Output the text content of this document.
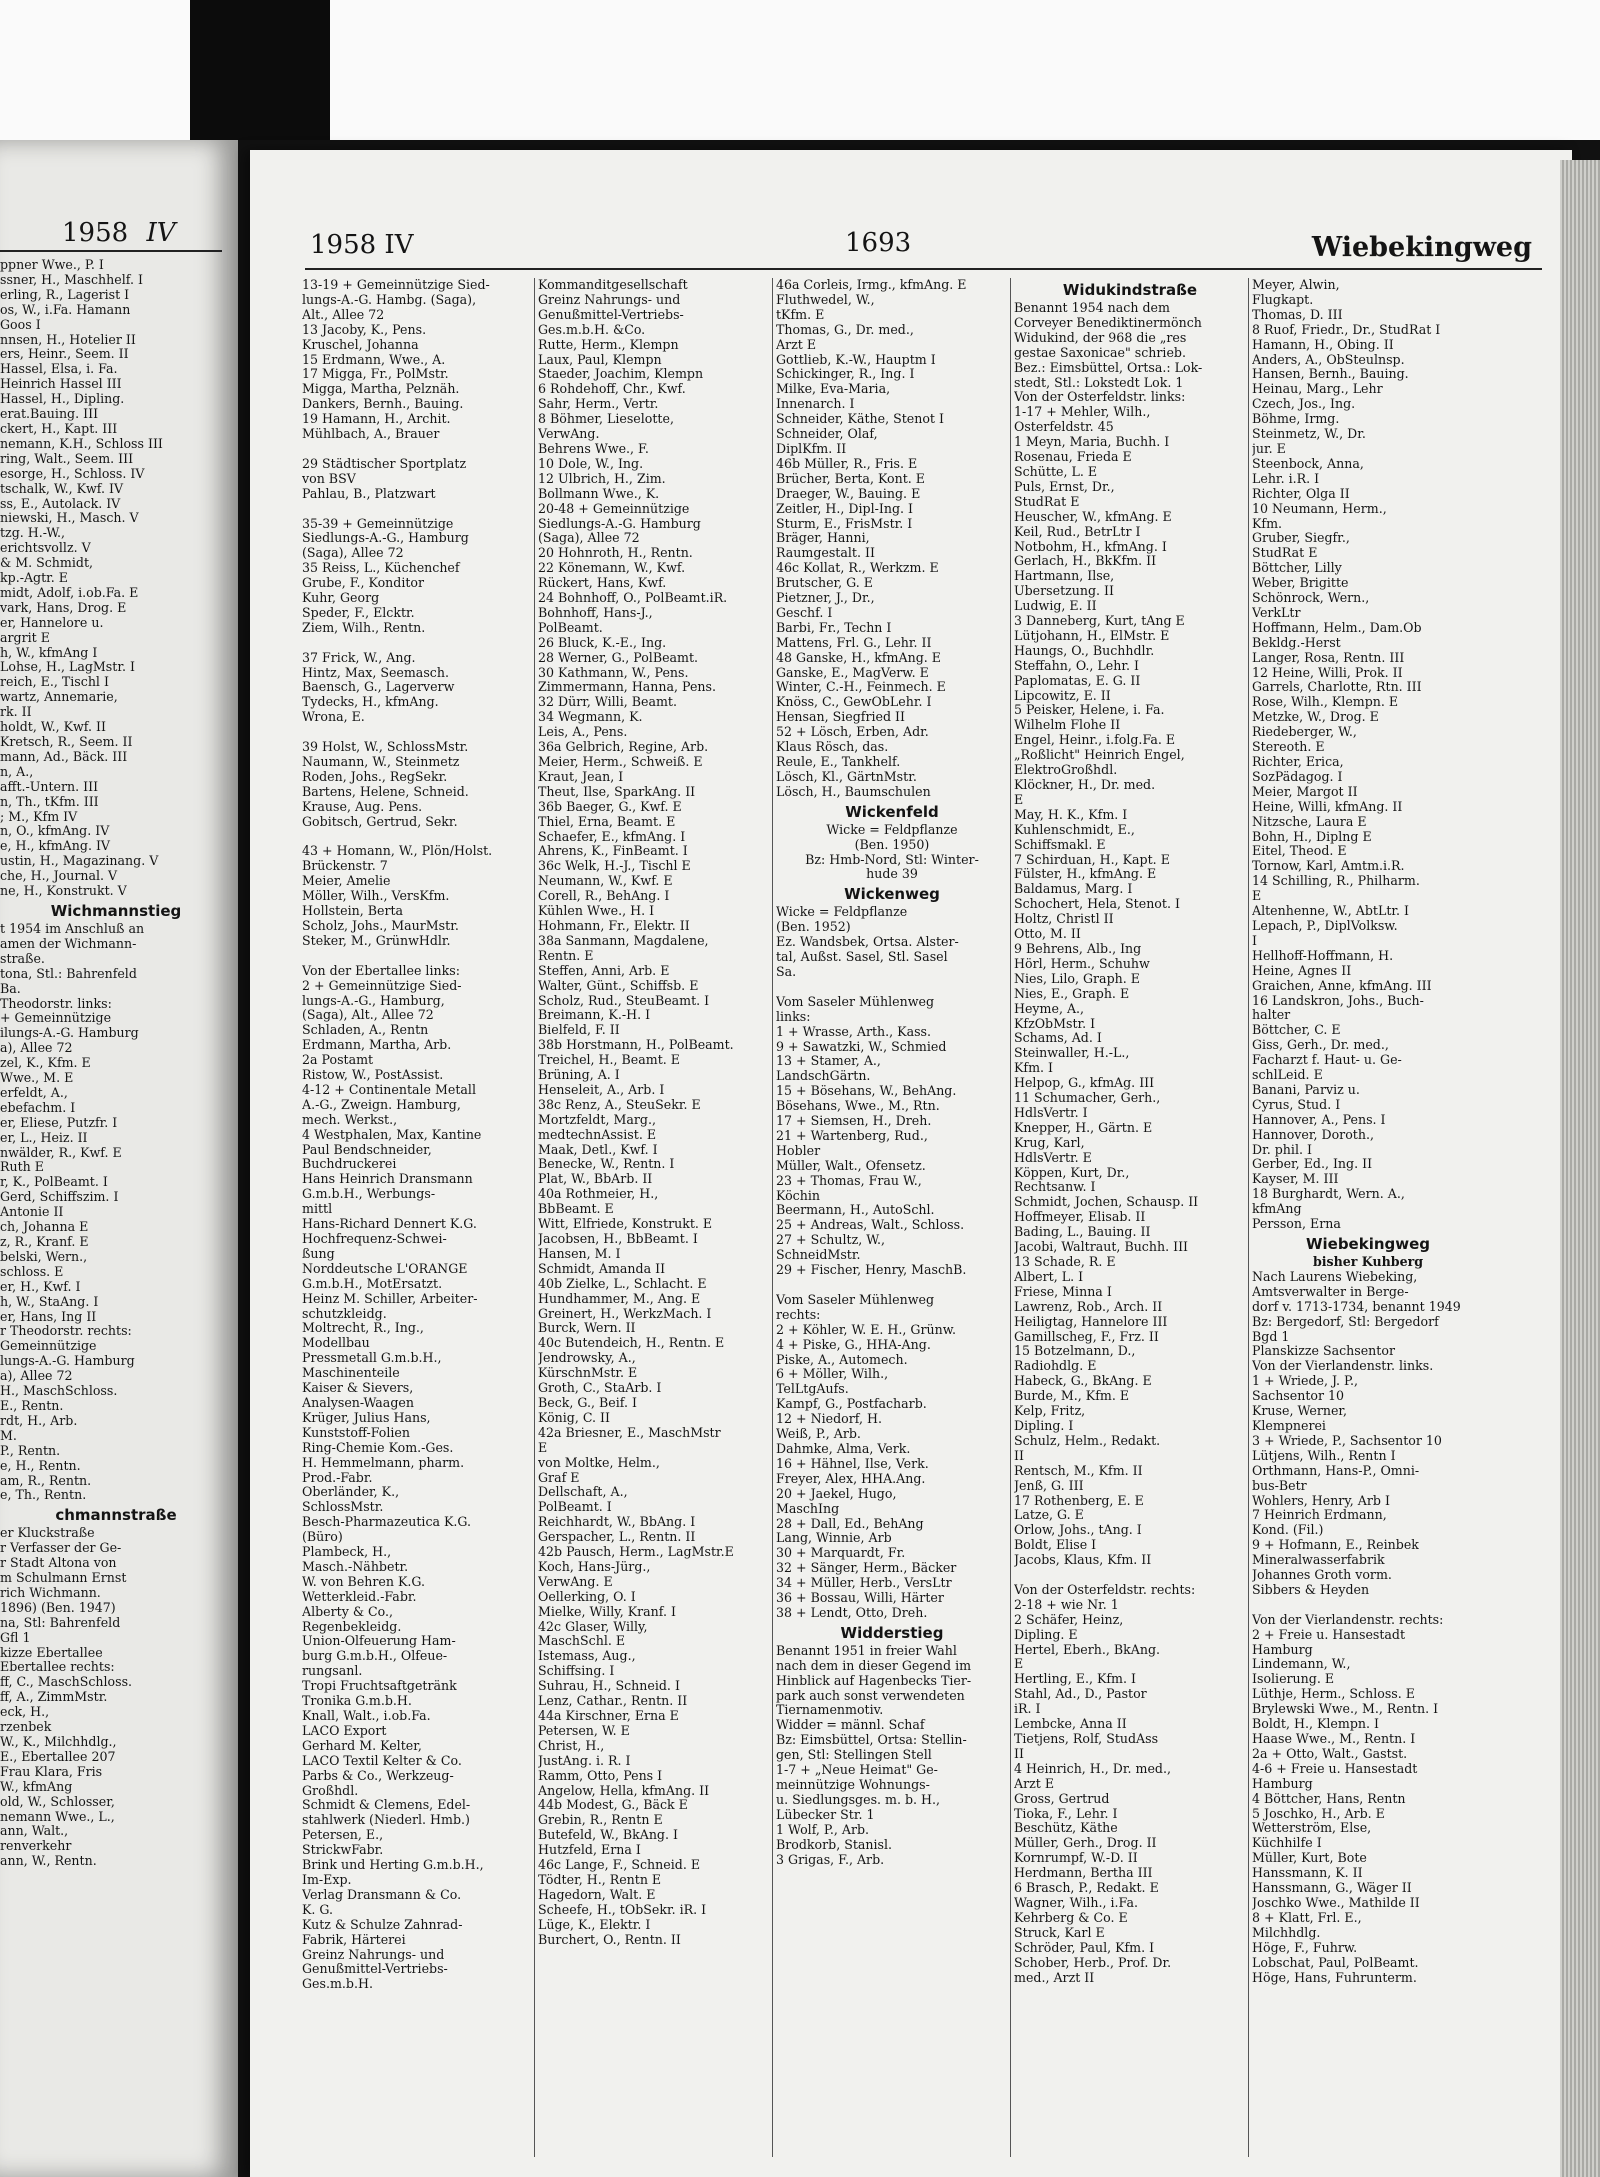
1958 IV
ppner Wwe., P. I
ssner, H., Maschhelf. I
erling, R., Lagerist I
os, W., i.Fa. Hamann
Goos I
nnsen, H., Hotelier II
ers, Heinr., Seem. II
Hassel, Elsa, i. Fa.
Heinrich Hassel III
Hassel, H., Dipling.
erat.Bauing. III
ckert, H., Kapt. III
nemann, K.H., Schloss III
ring, Walt., Seem. III
esorge, H., Schloss. IV
tschalk, W., Kwf. IV
ss, E., Autolack. IV
niewski, H., Masch. V
tzg. H.-W.,
erichtsvollz. V
& M. Schmidt,
kp.-Agtr. E
midt, Adolf, i.ob.Fa. E
vark, Hans, Drog. E
er, Hannelore u.
argrit E
h, W., kfmAng I
Lohse, H., LagMstr. I
reich, E., Tischl I
wartz, Annemarie,
rk. II
holdt, W., Kwf. II
Kretsch, R., Seem. II
mann, Ad., Bäck. III
n, A.,
afft.-Untern. III
n, Th., tKfm. III
; M., Kfm IV
n, O., kfmAng. IV
e, H., kfmAng. IV
ustin, H., Magazinang. V
che, H., Journal. V
ne, H., Konstrukt. V
Wichmannstieg
t 1954 im Anschluß an
amen der Wichmann-
straße.
tona, Stl.: Bahrenfeld
Ba.
Theodorstr. links:
+ Gemeinnützige
ilungs-A.-G. Hamburg
a), Allee 72
zel, K., Kfm. E
Wwe., M. E
erfeldt, A.,
ebefachm. I
er, Eliese, Putzfr. I
er, L., Heiz. II
nwälder, R., Kwf. E
Ruth E
r, K., PolBeamt. I
Gerd, Schiffszim. I
Antonie II
ch, Johanna E
z, R., Kranf. E
belski, Wern.,
schloss. E
er, H., Kwf. I
h, W., StaAng. I
er, Hans, Ing II
r Theodorstr. rechts:
Gemeinnützige
lungs-A.-G. Hamburg
a), Allee 72
H., MaschSchloss.
E., Rentn.
rdt, H., Arb.
M.
P., Rentn.
e, H., Rentn.
am, R., Rentn.
e, Th., Rentn.
chmannstraße
er Kluckstraße
r Verfasser der Ge-
r Stadt Altona von
m Schulmann Ernst
rich Wichmann.
1896) (Ben. 1947)
na, Stl: Bahrenfeld
Gfl 1
kizze Ebertallee
Ebertallee rechts:
ff, C., MaschSchloss.
ff, A., ZimmMstr.
eck, H.,
rzenbek
W., K., Milchhdlg.,
E., Ebertallee 207
Frau Klara, Fris
W., kfmAng
old, W., Schlosser,
nemann Wwe., L.,
ann, Walt.,
renverkehr
ann, W., Rentn.
1958 IV	1693	Wiebekingweg
13-19 + Gemeinnützige Sied-
lungs-A.-G. Hambg. (Saga),
Alt., Allee 72
13 Jacoby, K., Pens.
Kruschel, Johanna
15 Erdmann, Wwe., A.
17 Migga, Fr., PolMstr.
Migga, Martha, Pelznäh.
Dankers, Bernh., Bauing.
19 Hamann, H., Archit.
Mühlbach, A., Brauer

29 Städtischer Sportplatz
von BSV
Pahlau, B., Platzwart

35-39 + Gemeinnützige
Siedlungs-A.-G., Hamburg
(Saga), Allee 72
35 Reiss, L., Küchenchef
Grube, F., Konditor
Kuhr, Georg
Speder, F., Elcktr.
Ziem, Wilh., Rentn.

37 Frick, W., Ang.
Hintz, Max, Seemasch.
Baensch, G., Lagerverw
Tydecks, H., kfmAng.
Wrona, E.

39 Holst, W., SchlossMstr.
Naumann, W., Steinmetz
Roden, Johs., RegSekr.
Bartens, Helene, Schneid.
Krause, Aug. Pens.
Gobitsch, Gertrud, Sekr.

43 + Homann, W., Plön/Holst.
Brückenstr. 7
Meier, Amelie
Möller, Wilh., VersKfm.
Hollstein, Berta
Scholz, Johs., MaurMstr.
Steker, M., GrünwHdlr.

Von der Ebertallee links:
2 + Gemeinnützige Sied-
lungs-A.-G., Hamburg,
(Saga), Alt., Allee 72
Schladen, A., Rentn
Erdmann, Martha, Arb.
2a Postamt
Ristow, W., PostAssist.
4-12 + Continentale Metall
A.-G., Zweign. Hamburg,
mech. Werkst.,
4 Westphalen, Max, Kantine
Paul Bendschneider,
Buchdruckerei
Hans Heinrich Dransmann
G.m.b.H., Werbungs-
mittl
Hans-Richard Dennert K.G.
Hochfrequenz-Schwei-
ßung
Norddeutsche L'ORANGE
G.m.b.H., MotErsatzt.
Heinz M. Schiller, Arbeiter-
schutzkleidg.
Moltrecht, R., Ing.,
Modellbau
Pressmetall G.m.b.H.,
Maschinenteile
Kaiser & Sievers,
Analysen-Waagen
Krüger, Julius Hans,
Kunststoff-Folien
Ring-Chemie Kom.-Ges.
H. Hemmelmann, pharm.
Prod.-Fabr.
Oberländer, K.,
SchlossMstr.
Besch-Pharmazeutica K.G.
(Büro)
Plambeck, H.,
Masch.-Nähbetr.
W. von Behren K.G.
Wetterkleid.-Fabr.
Alberty & Co.,
Regenbekleidg.
Union-Ölfeuerung Ham-
burg G.m.b.H., Ölfeue-
rungsanl.
Tropi Fruchtsaftgetränk
Tronika G.m.b.H.
Knall, Walt., i.ob.Fa.
LACO Export
Gerhard M. Kelter,
LACO Textil Kelter & Co.
Parbs & Co., Werkzeug-
Großhdl.
Schmidt & Clemens, Edel-
stahlwerk (Niederl. Hmb.)
Petersen, E.,
StrickwFabr.
Brink und Herting G.m.b.H.,
Im-Exp.
Verlag Dransmann & Co.
K. G.
Kutz & Schulze Zahnrad-
Fabrik, Härterei
Greinz Nahrungs- und
Genußmittel-Vertriebs-
Ges.m.b.H.
Kommanditgesellschaft
Greinz Nahrungs- und
Genußmittel-Vertriebs-
Ges.m.b.H. &Co.
Rutte, Herm., Klempn
Laux, Paul, Klempn
Staeder, Joachim, Klempn
6 Rohdehoff, Chr., Kwf.
Sahr, Herm., Vertr.
8 Böhmer, Lieselotte,
VerwAng.
Behrens Wwe., F.
10 Dole, W., Ing.
12 Ulbrich, H., Zim.
Bollmann Wwe., K.
20-48 + Gemeinnützige
Siedlungs-A.-G. Hamburg
(Saga), Allee 72
20 Hohnroth, H., Rentn.
22 Könemann, W., Kwf.
Rückert, Hans, Kwf.
24 Bohnhoff, O., PolBeamt.iR.
Bohnhoff, Hans-J.,
PolBeamt.
26 Bluck, K.-E., Ing.
28 Werner, G., PolBeamt.
30 Kathmann, W., Pens.
Zimmermann, Hanna, Pens.
32 Dürr, Willi, Beamt.
34 Wegmann, K.
Leis, A., Pens.
36a Gelbrich, Regine, Arb.
Meier, Herm., Schweiß. E
Kraut, Jean, I
Theut, Ilse, SparkAng. II
36b Baeger, G., Kwf. E
Thiel, Erna, Beamt. E
Schaefer, E., kfmAng. I
Ahrens, K., FinBeamt. I
36c Welk, H.-J., Tischl E
Neumann, W., Kwf. E
Corell, R., BehAng. I
Kühlen Wwe., H. I
Hohmann, Fr., Elektr. II
38a Sanmann, Magdalene,
Rentn. E
Steffen, Anni, Arb. E
Walter, Günt., Schiffsb. E
Scholz, Rud., SteuBeamt. I
Breimann, K.-H. I
Bielfeld, F. II
38b Horstmann, H., PolBeamt.
Treichel, H., Beamt. E
Brüning, A. I
Henseleit, A., Arb. I
38c Renz, A., SteuSekr. E
Mortzfeldt, Marg.,
medtechnAssist. E
Maak, Detl., Kwf. I
Benecke, W., Rentn. I
Plat, W., BbArb. II
40a Rothmeier, H.,
BbBeamt. E
Witt, Elfriede, Konstrukt. E
Jacobsen, H., BbBeamt. I
Hansen, M. I
Schmidt, Amanda II
40b Zielke, L., Schlacht. E
Hundhammer, M., Ang. E
Greinert, H., WerkzMach. I
Burck, Wern. II
40c Butendeich, H., Rentn. E
Jendrowsky, A.,
KürschnMstr. E
Groth, C., StaArb. I
Beck, G., Beif. I
König, C. II
42a Briesner, E., MaschMstr
E
von Moltke, Helm.,
Graf E
Dellschaft, A.,
PolBeamt. I
Reichhardt, W., BbAng. I
Gerspacher, L., Rentn. II
42b Pausch, Herm., LagMstr.E
Koch, Hans-Jürg.,
VerwAng. E
Oellerking, O. I
Mielke, Willy, Kranf. I
42c Glaser, Willy,
MaschSchl. E
Istemass, Aug.,
Schiffsing. I
Suhrau, H., Schneid. I
Lenz, Cathar., Rentn. II
44a Kirschner, Erna E
Petersen, W. E
Christ, H.,
JustAng. i. R. I
Ramm, Otto, Pens I
Angelow, Hella, kfmAng. II
44b Modest, G., Bäck E
Grebin, R., Rentn E
Butefeld, W., BkAng. I
Hutzfeld, Erna I
46c Lange, F., Schneid. E
Tödter, H., Rentn E
Hagedorn, Walt. E
Scheefe, H., tObSekr. iR. I
Lüge, K., Elektr. I
Burchert, O., Rentn. II
46a Corleis, Irmg., kfmAng. E
Fluthwedel, W.,
tKfm. E
Thomas, G., Dr. med.,
Arzt E
Gottlieb, K.-W., Hauptm I
Schickinger, R., Ing. I
Milke, Eva-Maria,
Innenarch. I
Schneider, Käthe, Stenot I
Schneider, Olaf,
DiplKfm. II
46b Müller, R., Fris. E
Brücher, Berta, Kont. E
Draeger, W., Bauing. E
Zeitler, H., Dipl-Ing. I
Sturm, E., FrisMstr. I
Bräger, Hanni,
Raumgestalt. II
46c Kollat, R., Werkzm. E
Brutscher, G. E
Pietzner, J., Dr.,
Geschf. I
Barbi, Fr., Techn I
Mattens, Frl. G., Lehr. II
48 Ganske, H., kfmAng. E
Ganske, E., MagVerw. E
Winter, C.-H., Feinmech. E
Knöss, C., GewObLehr. I
Hensan, Siegfried II
52 + Lösch, Erben, Adr.
Klaus Rösch, das.
Reule, E., Tankhelf.
Lösch, Kl., GärtnMstr.
Lösch, H., Baumschulen
Wickenfeld
Wicke = Feldpflanze
(Ben. 1950)
Bz: Hmb-Nord, Stl: Winter-
hude 39
Wickenweg
Wicke = Feldpflanze
(Ben. 1952)
Ez. Wandsbek, Ortsa. Alster-
tal, Außst. Sasel, Stl. Sasel
Sa.

Vom Saseler Mühlenweg
links:
1 + Wrasse, Arth., Kass.
9 + Sawatzki, W., Schmied
13 + Stamer, A.,
LandschGärtn.
15 + Bösehans, W., BehAng.
Bösehans, Wwe., M., Rtn.
17 + Siemsen, H., Dreh.
21 + Wartenberg, Rud.,
Hobler
Müller, Walt., Ofensetz.
23 + Thomas, Frau W.,
Köchin
Beermann, H., AutoSchl.
25 + Andreas, Walt., Schloss.
27 + Schultz, W.,
SchneidMstr.
29 + Fischer, Henry, MaschB.

Vom Saseler Mühlenweg
rechts:
2 + Köhler, W. E. H., Grünw.
4 + Piske, G., HHA-Ang.
Piske, A., Automech.
6 + Möller, Wilh.,
TelLtgAufs.
Kampf, G., Postfacharb.
12 + Niedorf, H.
Weiß, P., Arb.
Dahmke, Alma, Verk.
16 + Hähnel, Ilse, Verk.
Freyer, Alex, HHA.Ang.
20 + Jaekel, Hugo,
MaschIng
28 + Dall, Ed., BehAng
Lang, Winnie, Arb
30 + Marquardt, Fr.
32 + Sänger, Herm., Bäcker
34 + Müller, Herb., VersLtr
36 + Bossau, Willi, Härter
38 + Lendt, Otto, Dreh.
Widderstieg
Benannt 1951 in freier Wahl
nach dem in dieser Gegend im
Hinblick auf Hagenbecks Tier-
park auch sonst verwendeten
Tiernamenmotiv.
Widder = männl. Schaf
Bz: Eimsbüttel, Ortsa: Stellin-
gen, Stl: Stellingen Stell
1-7 + „Neue Heimat" Ge-
meinnützige Wohnungs-
u. Siedlungsges. m. b. H.,
Lübecker Str. 1
1 Wolf, P., Arb.
Brodkorb, Stanisl.
3 Grigas, F., Arb.
Widukindstraße
Benannt 1954 nach dem
Corveyer Benediktinermönch
Widukind, der 968 die „res
gestae Saxonicae" schrieb.
Bez.: Eimsbüttel, Ortsa.: Lok-
stedt, Stl.: Lokstedt Lok. 1
Von der Osterfeldstr. links:
1-17 + Mehler, Wilh.,
Osterfeldstr. 45
1 Meyn, Maria, Buchh. I
Rosenau, Frieda E
Schütte, L. E
Puls, Ernst, Dr.,
StudRat E
Heuscher, W., kfmAng. E
Keil, Rud., BetrLtr I
Notbohm, H., kfmAng. I
Gerlach, H., BkKfm. II
Hartmann, Ilse,
Übersetzung. II
Ludwig, E. II
3 Danneberg, Kurt, tAng E
Lütjohann, H., ElMstr. E
Haungs, O., Buchhdlr.
Steffahn, O., Lehr. I
Paplomatas, E. G. II
Lipcowitz, E. II
5 Peisker, Helene, i. Fa.
Wilhelm Flohe II
Engel, Heinr., i.folg.Fa. E
„Roßlicht" Heinrich Engel,
ElektroGroßhdl.
Klöckner, H., Dr. med.
E
May, H. K., Kfm. I
Kuhlenschmidt, E.,
Schiffsmakl. E
7 Schirduan, H., Kapt. E
Fülster, H., kfmAng. E
Baldamus, Marg. I
Schochert, Hela, Stenot. I
Holtz, Christl II
Otto, M. II
9 Behrens, Alb., Ing
Hörl, Herm., Schuhw
Nies, Lilo, Graph. E
Nies, E., Graph. E
Heyme, A.,
KfzObMstr. I
Schams, Ad. I
Steinwaller, H.-L.,
Kfm. I
Helpop, G., kfmAg. III
11 Schumacher, Gerh.,
HdlsVertr. I
Knepper, H., Gärtn. E
Krug, Karl,
HdlsVertr. E
Köppen, Kurt, Dr.,
Rechtsanw. I
Schmidt, Jochen, Schausp. II
Hoffmeyer, Elisab. II
Bading, L., Bauing. II
Jacobi, Waltraut, Buchh. III
13 Schade, R. E
Albert, L. I
Friese, Minna I
Lawrenz, Rob., Arch. II
Heiligtag, Hannelore III
Gamillscheg, F., Frz. II
15 Botzelmann, D.,
Radiohdlg. E
Habeck, G., BkAng. E
Burde, M., Kfm. E
Kelp, Fritz,
Dipling. I
Schulz, Helm., Redakt.
II
Rentsch, M., Kfm. II
Jenß, G. III
17 Rothenberg, E. E
Latze, G. E
Orlow, Johs., tAng. I
Boldt, Elise I
Jacobs, Klaus, Kfm. II

Von der Osterfeldstr. rechts:
2-18 + wie Nr. 1
2 Schäfer, Heinz,
Dipling. E
Hertel, Eberh., BkAng.
E
Hertling, E., Kfm. I
Stahl, Ad., D., Pastor
iR. I
Lembcke, Anna II
Tietjens, Rolf, StudAss
II
4 Heinrich, H., Dr. med.,
Arzt E
Gross, Gertrud
Tioka, F., Lehr. I
Beschütz, Käthe
Müller, Gerh., Drog. II
Kornrumpf, W.-D. II
Herdmann, Bertha III
6 Brasch, P., Redakt. E
Wagner, Wilh., i.Fa.
Kehrberg & Co. E
Struck, Karl E
Schröder, Paul, Kfm. I
Schober, Herb., Prof. Dr.
med., Arzt II
Meyer, Alwin,
Flugkapt.
Thomas, D. III
8 Ruof, Friedr., Dr., StudRat I
Hamann, H., Obing. II
Anders, A., ObSteulnsp.
Hansen, Bernh., Bauing.
Heinau, Marg., Lehr
Czech, Jos., Ing.
Böhme, Irmg.
Steinmetz, W., Dr.
jur. E
Steenbock, Anna,
Lehr. i.R. I
Richter, Olga II
10 Neumann, Herm.,
Kfm.
Gruber, Siegfr.,
StudRat E
Böttcher, Lilly
Weber, Brigitte
Schönrock, Wern.,
VerkLtr
Hoffmann, Helm., Dam.Ob
Bekldg.-Herst
Langer, Rosa, Rentn. III
12 Heine, Willi, Prok. II
Garrels, Charlotte, Rtn. III
Rose, Wilh., Klempn. E
Metzke, W., Drog. E
Riedeberger, W.,
Stereoth. E
Richter, Erica,
SozPädagog. I
Meier, Margot II
Heine, Willi, kfmAng. II
Nitzsche, Laura E
Bohn, H., Diplng E
Eitel, Theod. E
Tornow, Karl, Amtm.i.R.
14 Schilling, R., Philharm.
E
Altenhenne, W., AbtLtr. I
Lepach, P., DiplVolksw.
I
Hellhoff-Hoffmann, H.
Heine, Agnes II
Graichen, Anne, kfmAng. III
16 Landskron, Johs., Buch-
halter
Böttcher, C. E
Giss, Gerh., Dr. med.,
Facharzt f. Haut- u. Ge-
schlLeid. E
Banani, Parviz u.
Cyrus, Stud. I
Hannover, A., Pens. I
Hannover, Doroth.,
Dr. phil. I
Gerber, Ed., Ing. II
Kayser, M. III
18 Burghardt, Wern. A.,
kfmAng
Persson, Erna
Wiebekingweg
bisher Kuhberg
Nach Laurens Wiebeking,
Amtsverwalter in Berge-
dorf v. 1713-1734, benannt 1949
Bz: Bergedorf, Stl: Bergedorf
Bgd 1
Planskizze Sachsentor
Von der Vierlandenstr. links.
1 + Wriede, J. P.,
Sachsentor 10
Kruse, Werner,
Klempnerei
3 + Wriede, P., Sachsentor 10
Lütjens, Wilh., Rentn I
Orthmann, Hans-P., Omni-
bus-Betr
Wohlers, Henry, Arb I
7 Heinrich Erdmann,
Kond. (Fil.)
9 + Hofmann, E., Reinbek
Mineralwasserfabrik
Johannes Groth vorm.
Sibbers & Heyden

Von der Vierlandenstr. rechts:
2 + Freie u. Hansestadt
Hamburg
Lindemann, W.,
Isolierung. E
Lüthje, Herm., Schloss. E
Brylewski Wwe., M., Rentn. I
Boldt, H., Klempn. I
Haase Wwe., M., Rentn. I
2a + Otto, Walt., Gastst.
4-6 + Freie u. Hansestadt
Hamburg
4 Böttcher, Hans, Rentn
5 Joschko, H., Arb. E
Wetterström, Else,
Küchhilfe I
Müller, Kurt, Bote
Hanssmann, K. II
Hanssmann, G., Wäger II
Joschko Wwe., Mathilde II
8 + Klatt, Frl. E.,
Milchhdlg.
Höge, F., Fuhrw.
Lobschat, Paul, PolBeamt.
Höge, Hans, Fuhrunterm.
